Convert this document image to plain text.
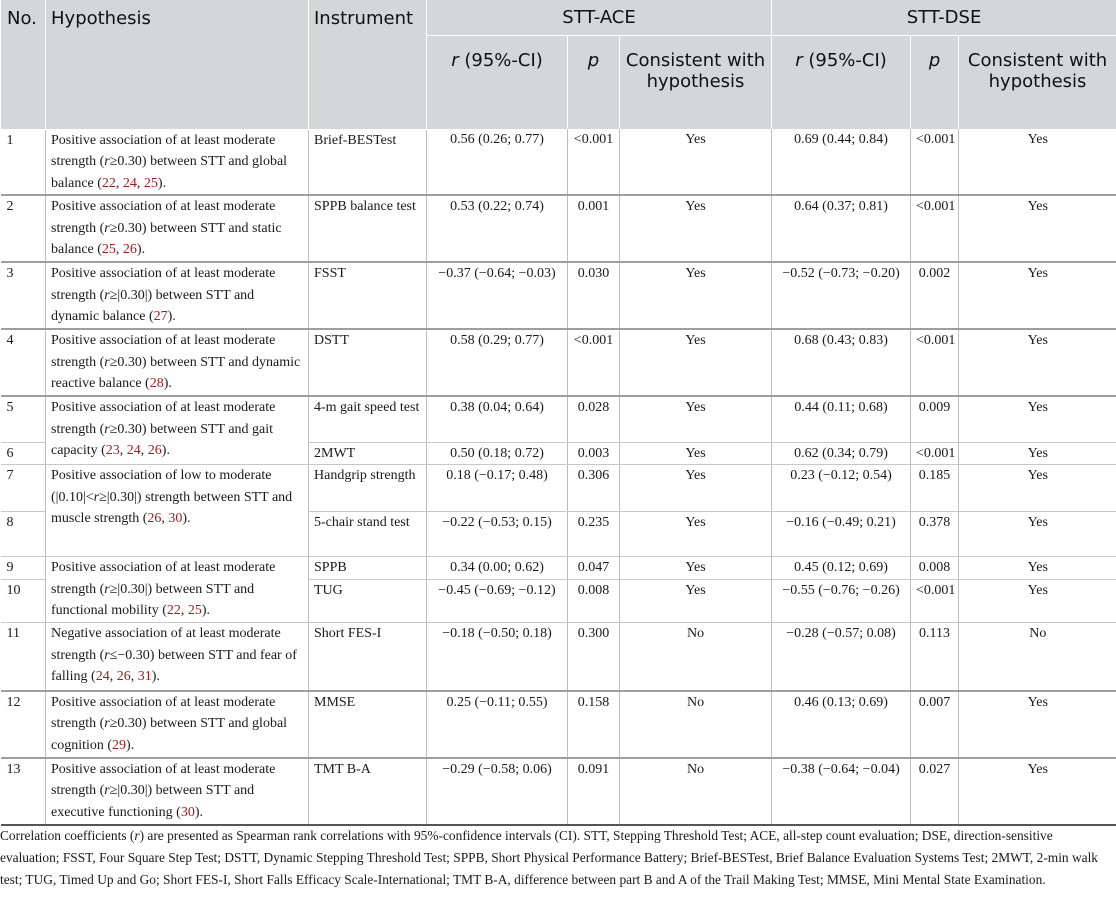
No.	Hypothesis	Instrument	STT-ACE			STT-DSE		
			r (95%-CI)	p	Consistent with hypothesis	r (95%-CI)	p	Consistent with hypothesis
1	Positive association of at least moderate strength (r≥0.30) between STT and global balance (22, 24, 25).	Brief-BESTest	0.56 (0.26; 0.77)	<0.001	Yes	0.69 (0.44; 0.84)	<0.001	Yes
2	Positive association of at least moderate strength (r≥0.30) between STT and static balance (25, 26).	SPPB balance test	0.53 (0.22; 0.74)	0.001	Yes	0.64 (0.37; 0.81)	<0.001	Yes
3	Positive association of at least moderate strength (r≥|0.30|) between STT and dynamic balance (27).	FSST	−0.37 (−0.64; −0.03)	0.030	Yes	−0.52 (−0.73; −0.20)	0.002	Yes
4	Positive association of at least moderate strength (r≥0.30) between STT and dynamic reactive balance (28).	DSTT	0.58 (0.29; 0.77)	<0.001	Yes	0.68 (0.43; 0.83)	<0.001	Yes
5	Positive association of at least moderate strength (r≥0.30) between STT and gait capacity (23, 24, 26).	4-m gait speed test	0.38 (0.04; 0.64)	0.028	Yes	0.44 (0.11; 0.68)	0.009	Yes
6		2MWT	0.50 (0.18; 0.72)	0.003	Yes	0.62 (0.34; 0.79)	<0.001	Yes
7	Positive association of low to moderate (|0.10|<r≥|0.30|) strength between STT and muscle strength (26, 30).	Handgrip strength	0.18 (−0.17; 0.48)	0.306	Yes	0.23 (−0.12; 0.54)	0.185	Yes
8		5-chair stand test	−0.22 (−0.53; 0.15)	0.235	Yes	−0.16 (−0.49; 0.21)	0.378	Yes
9	Positive association of at least moderate strength (r≥|0.30|) between STT and functional mobility (22, 25).	SPPB	0.34 (0.00; 0.62)	0.047	Yes	0.45 (0.12; 0.69)	0.008	Yes
10		TUG	−0.45 (−0.69; −0.12)	0.008	Yes	−0.55 (−0.76; −0.26)	<0.001	Yes
11	Negative association of at least moderate strength (r≤−0.30) between STT and fear of falling (24, 26, 31).	Short FES-I	−0.18 (−0.50; 0.18)	0.300	No	−0.28 (−0.57; 0.08)	0.113	No
12	Positive association of at least moderate strength (r≥0.30) between STT and global cognition (29).	MMSE	0.25 (−0.11; 0.55)	0.158	No	0.46 (0.13; 0.69)	0.007	Yes
13	Positive association of at least moderate strength (r≥|0.30|) between STT and executive functioning (30).	TMT B-A	−0.29 (−0.58; 0.06)	0.091	No	−0.38 (−0.64; −0.04)	0.027	Yes

Correlation coefficients (r) are presented as Spearman rank correlations with 95%-confidence intervals (CI). STT, Stepping Threshold Test; ACE, all-step count evaluation; DSE, direction-sensitive evaluation; FSST, Four Square Step Test; DSTT, Dynamic Stepping Threshold Test; SPPB, Short Physical Performance Battery; Brief-BESTest, Brief Balance Evaluation Systems Test; 2MWT, 2-min walk test; TUG, Timed Up and Go; Short FES-I, Short Falls Efficacy Scale-International; TMT B-A, difference between part B and A of the Trail Making Test; MMSE, Mini Mental State Examination.
